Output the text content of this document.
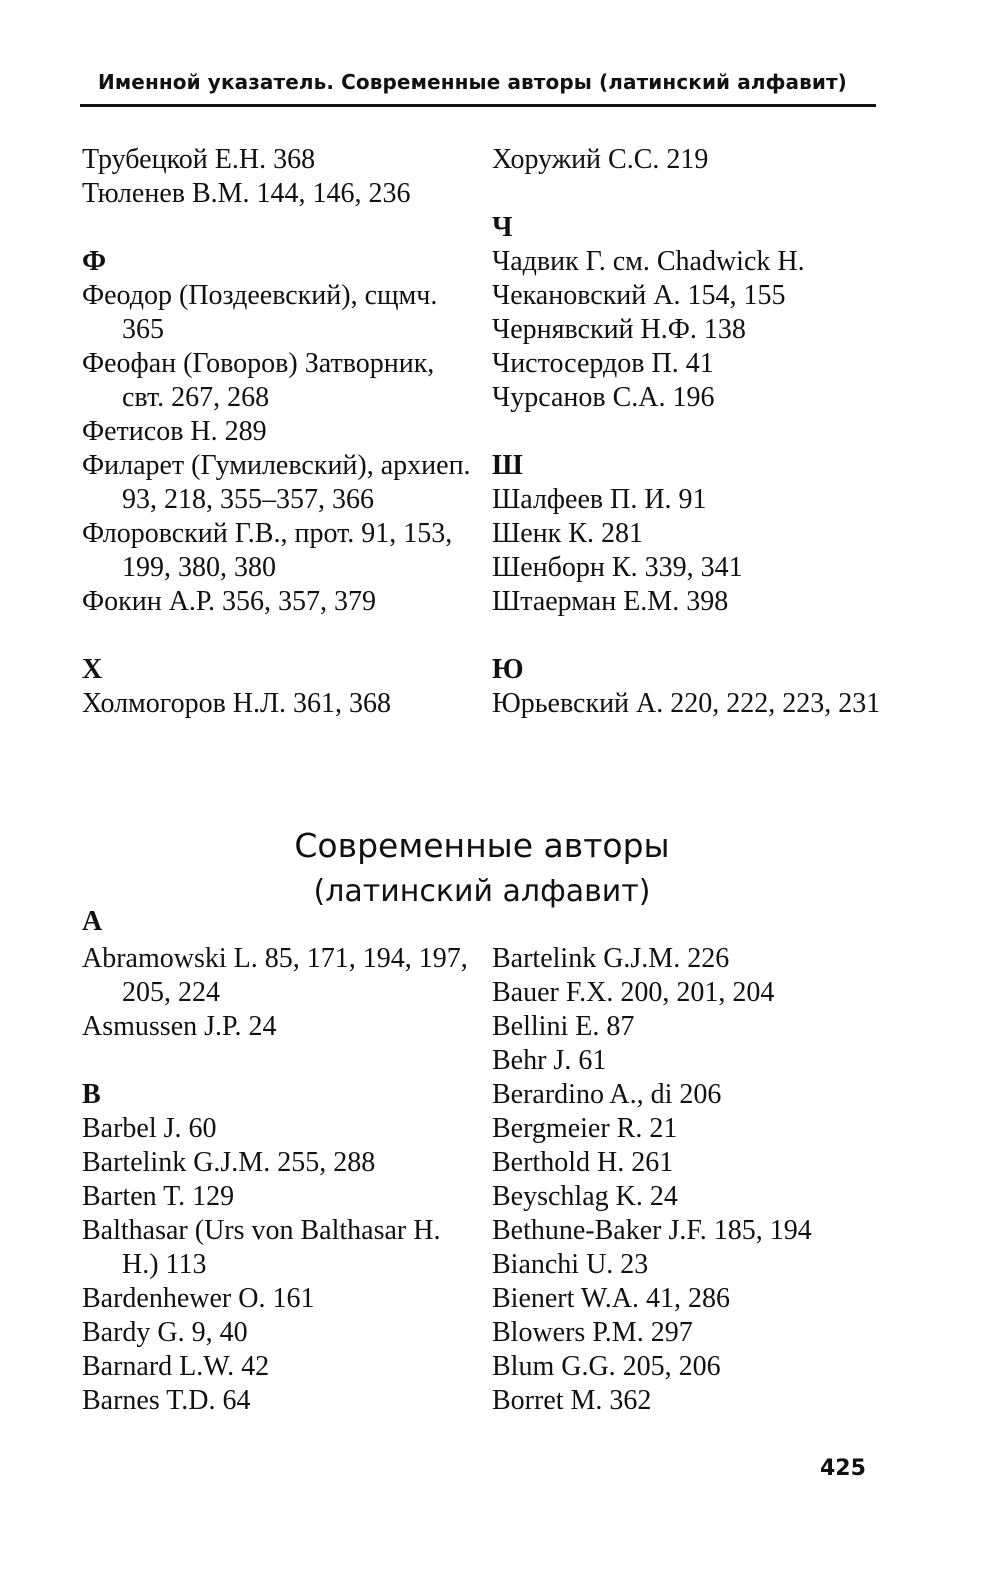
Именной указатель. Современные авторы (латинский алфавит)
Трубецкой Е.Н. 368
Тюленев В.М. 144, 146, 236
Ф
Феодор (Поздеевский), сщмч. 365
Феофан (Говоров) Затворник, свт. 267, 268
Фетисов Н. 289
Филарет (Гумилевский), архиеп. 93, 218, 355–357, 366
Флоровский Г.В., прот. 91, 153, 199, 380, 380
Фокин А.Р. 356, 357, 379
Х
Холмогоров Н.Л. 361, 368
Хоружий С.С. 219
Ч
Чадвик Г. см. Chadwick H.
Чекановский А. 154, 155
Чернявский Н.Ф. 138
Чистосердов П. 41
Чурсанов С.А. 196
Ш
Шалфеев П. И. 91
Шенк К. 281
Шенборн К. 339, 341
Штаерман Е.М. 398
Ю
Юрьевский А. 220, 222, 223, 231
Современные авторы
(латинский алфавит)
A
Abramowski L. 85, 171, 194, 197, 205, 224
Asmussen J.P. 24
B
Barbel J. 60
Bartelink G.J.M. 255, 288
Barten T. 129
Balthasar (Urs von Balthasar H. H.) 113
Bardenhewer O. 161
Bardy G. 9, 40
Barnard L.W. 42
Barnes T.D. 64
Bartelink G.J.M. 226
Bauer F.X. 200, 201, 204
Bellini E. 87
Behr J. 61
Berardino A., di 206
Bergmeier R. 21
Berthold H. 261
Beyschlag K. 24
Bethune-Baker J.F. 185, 194
Bianchi U. 23
Bienert W.A. 41, 286
Blowers P.M. 297
Blum G.G. 205, 206
Borret M. 362
425
